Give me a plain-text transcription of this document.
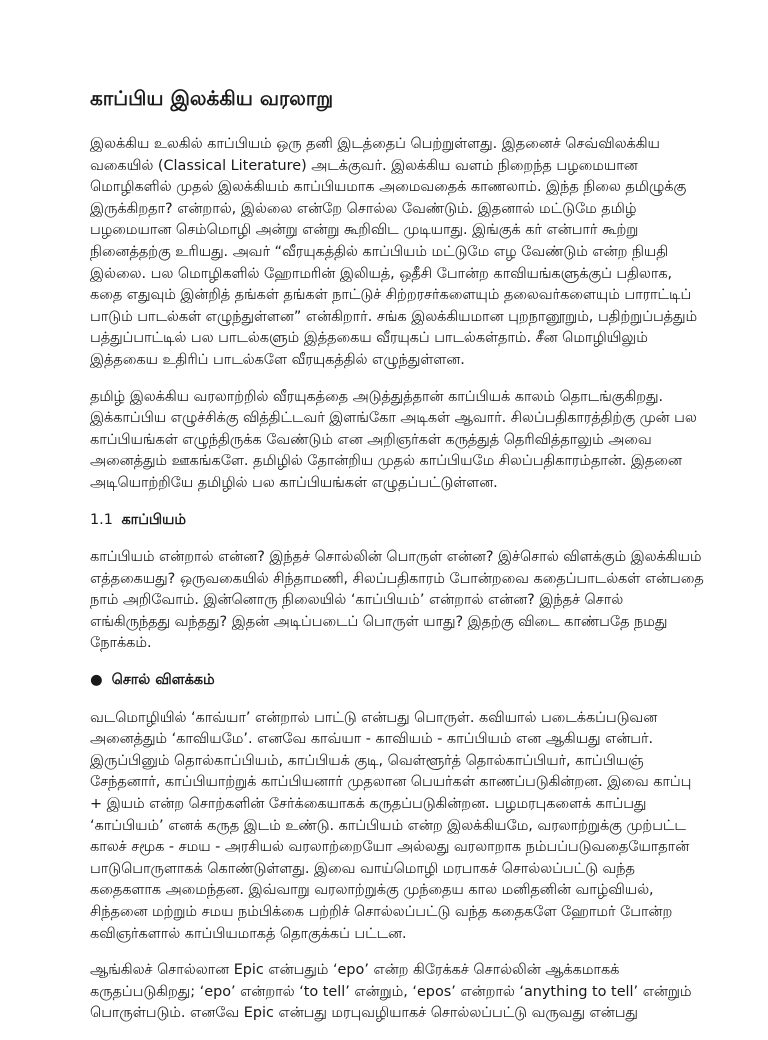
காப்பிய இலக்கிய வரலாறு

இலக்கிய உலகில் காப்பியம் ஒரு தனி இடத்தைப் பெற்றுள்ளது. இதனைச் செவ்விலக்கிய வகையில் (Classical Literature) அடக்குவர். இலக்கிய வளம் நிறைந்த பழமையான மொழிகளில் முதல் இலக்கியம் காப்பியமாக அமைவதைக் காணலாம். இந்த நிலை தமிழுக்கு இருக்கிறதா? என்றால், இல்லை என்றே சொல்ல வேண்டும். இதனால் மட்டுமே தமிழ் பழமையான செம்மொழி அன்று என்று கூறிவிட முடியாது. இங்குக் கர் என்பார் கூற்று நினைத்தற்கு உரியது. அவர் “வீரயுகத்தில் காப்பியம் மட்டுமே எழ வேண்டும் என்ற நியதி இல்லை. பல மொழிகளில் ஹோமரின் இலியத், ஒதீசி போன்ற காவியங்களுக்குப் பதிலாக, கதை எதுவும் இன்றித் தங்கள் தங்கள் நாட்டுச் சிற்றரசர்களையும் தலைவர்களையும் பாராட்டிப் பாடும் பாடல்கள் எழுந்துள்ளன” என்கிறார். சங்க இலக்கியமான புறநானூறும், பதிற்றுப்பத்தும் பத்துப்பாட்டில் பல பாடல்களும் இத்தகைய வீரயுகப் பாடல்கள்தாம். சீன மொழியிலும் இத்தகைய உதிரிப் பாடல்களே வீரயுகத்தில் எழுந்துள்ளன.

தமிழ் இலக்கிய வரலாற்றில் வீரயுகத்தை அடுத்துத்தான் காப்பியக் காலம் தொடங்குகிறது. இக்காப்பிய எழுச்சிக்கு வித்திட்டவர் இளங்கோ அடிகள் ஆவார். சிலப்பதிகாரத்திற்கு முன் பல காப்பியங்கள் எழுந்திருக்க வேண்டும் என அறிஞர்கள் கருத்துத் தெரிவித்தாலும் அவை அனைத்தும் ஊகங்களே. தமிழில் தோன்றிய முதல் காப்பியமே சிலப்பதிகாரம்தான். இதனை அடியொற்றியே தமிழில் பல காப்பியங்கள் எழுதப்பட்டுள்ளன.

1.1 காப்பியம்

காப்பியம் என்றால் என்ன? இந்தச் சொல்லின் பொருள் என்ன? இச்சொல் விளக்கும் இலக்கியம் எத்தகையது? ஒருவகையில் சிந்தாமணி, சிலப்பதிகாரம் போன்றவை கதைப்பாடல்கள் என்பதை நாம் அறிவோம். இன்னொரு நிலையில் ‘காப்பியம்’ என்றால் என்ன? இந்தச் சொல் எங்கிருந்தது வந்தது? இதன் அடிப்படைப் பொருள் யாது? இதற்கு விடை காண்பதே நமது நோக்கம்.

● சொல் விளக்கம்

வடமொழியில் ‘காவ்யா’ என்றால் பாட்டு என்பது பொருள். கவியால் படைக்கப்படுவன அனைத்தும் ‘காவியமே’. எனவே காவ்யா - காவியம் - காப்பியம் என ஆகியது என்பர். இருப்பினும் தொல்காப்பியம், காப்பியக் குடி, வெள்ளூர்த் தொல்காப்பியர், காப்பியஞ் சேந்தனார், காப்பியாற்றுக் காப்பியனார் முதலான பெயர்கள் காணப்படுகின்றன. இவை காப்பு + இயம் என்ற சொற்களின் சேர்க்கையாகக் கருதப்படுகின்றன. பழமரபுகளைக் காப்பது ‘காப்பியம்’ எனக் கருத இடம் உண்டு. காப்பியம் என்ற இலக்கியமே, வரலாற்றுக்கு முற்பட்ட காலச் சமூக - சமய - அரசியல் வரலாற்றையோ அல்லது வரலாறாக நம்பப்படுவதையோதான் பாடுபொருளாகக் கொண்டுள்ளது. இவை வாய்மொழி மரபாகச் சொல்லப்பட்டு வந்த கதைகளாக அமைந்தன. இவ்வாறு வரலாற்றுக்கு முந்தைய கால மனிதனின் வாழ்வியல், சிந்தனை மற்றும் சமய நம்பிக்கை பற்றிச் சொல்லப்பட்டு வந்த கதைகளே ஹோமர் போன்ற கவிஞர்களால் காப்பியமாகத் தொகுக்கப் பட்டன.

ஆங்கிலச் சொல்லான Epic என்பதும் ‘epo’ என்ற கிரேக்கச் சொல்லின் ஆக்கமாகக் கருதப்படுகிறது; ‘epo’ என்றால் ‘to tell’ என்றும், ‘epos’ என்றால் ‘anything to tell’ என்றும் பொருள்படும். எனவே Epic என்பது மரபுவழியாகச் சொல்லப்பட்டு வருவது என்பது
